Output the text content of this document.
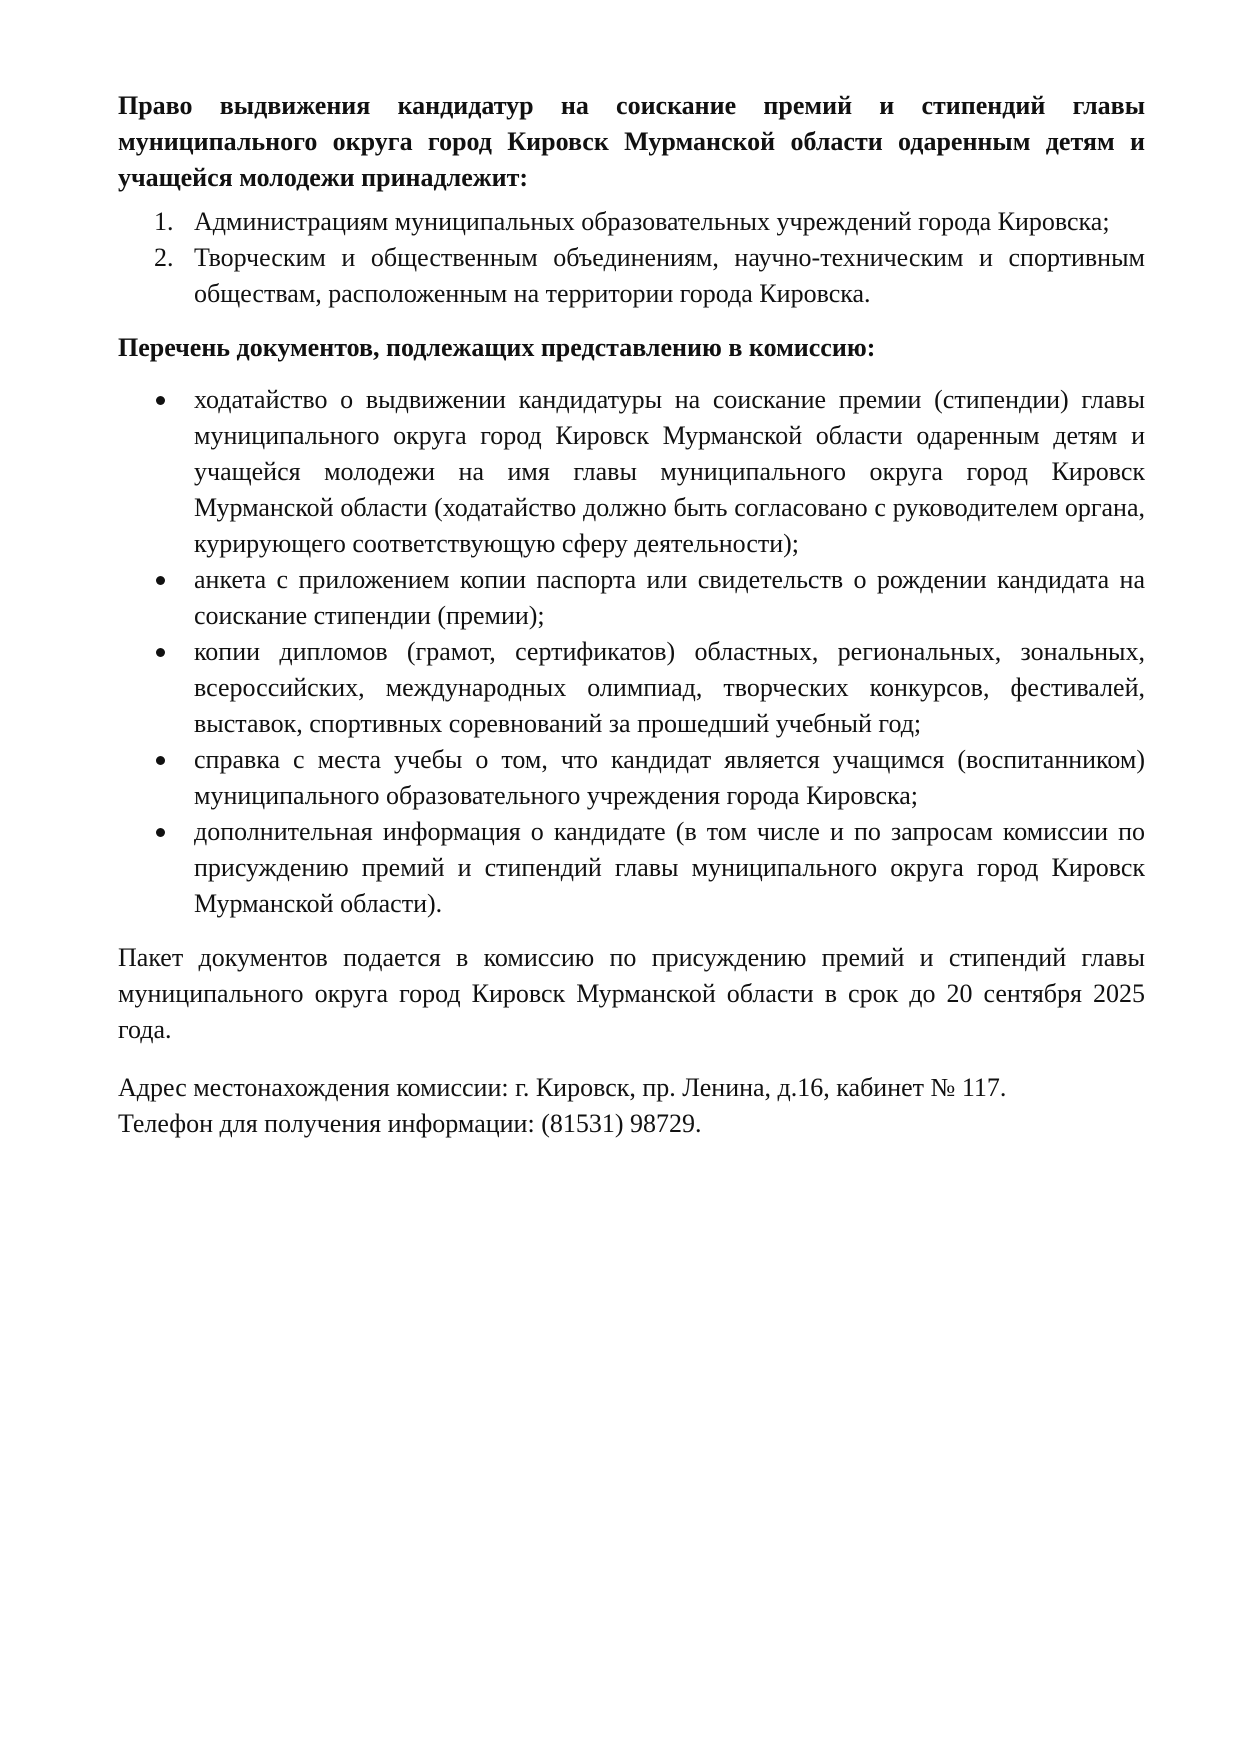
Право выдвижения кандидатур на соискание премий и стипендий главы муниципального округа город Кировск Мурманской области одаренным детям и учащейся молодежи принадлежит:

1. Администрациям муниципальных образовательных учреждений города Кировска;
2. Творческим и общественным объединениям, научно-техническим и спортивным обществам, расположенным на территории города Кировска.

Перечень документов, подлежащих представлению в комиссию:

ходатайство о выдвижении кандидатуры на соискание премии (стипендии) главы муниципального округа город Кировск Мурманской области одаренным детям и учащейся молодежи на имя главы муниципального округа город Кировск Мурманской области (ходатайство должно быть согласовано с руководителем органа, курирующего соответствующую сферу деятельности);
анкета с приложением копии паспорта или свидетельств о рождении кандидата на соискание стипендии (премии);
копии дипломов (грамот, сертификатов) областных, региональных, зональных, всероссийских, международных олимпиад, творческих конкурсов, фестивалей, выставок, спортивных соревнований за прошедший учебный год;
справка с места учебы о том, что кандидат является учащимся (воспитанником) муниципального образовательного учреждения города Кировска;
дополнительная информация о кандидате (в том числе и по запросам комиссии по присуждению премий и стипендий главы муниципального округа город Кировск Мурманской области).

Пакет документов подается в комиссию по присуждению премий и стипендий главы муниципального округа город Кировск Мурманской области в срок до 20 сентября 2025 года.

Адрес местонахождения комиссии: г. Кировск, пр. Ленина, д.16, кабинет № 117.
Телефон для получения информации: (81531) 98729.
